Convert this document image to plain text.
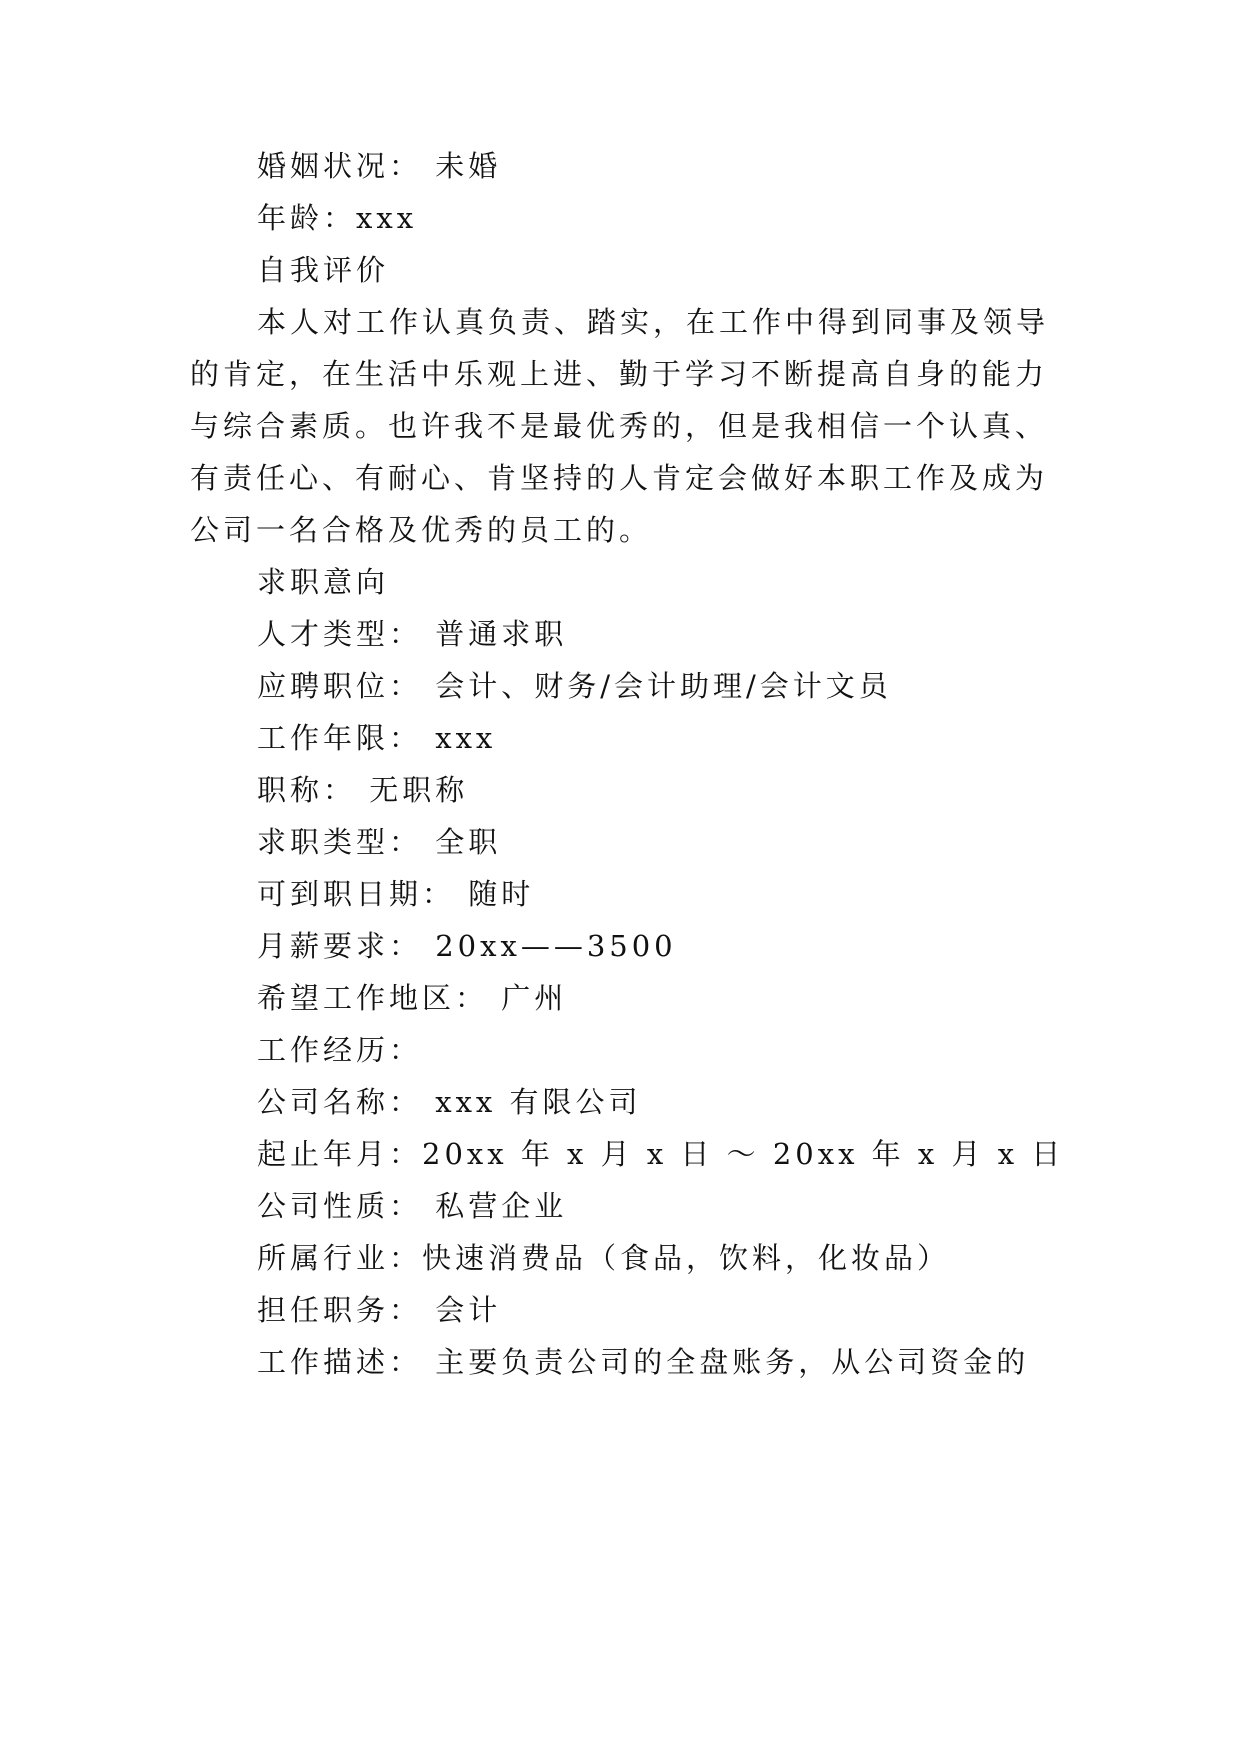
婚姻状况： 未婚
年龄：xxx
自我评价
本人对工作认真负责、踏实，在工作中得到同事及领导
的肯定，在生活中乐观上进、勤于学习不断提高自身的能力
与综合素质。也许我不是最优秀的，但是我相信一个认真、
有责任心、有耐心、肯坚持的人肯定会做好本职工作及成为
公司一名合格及优秀的员工的。
求职意向
人才类型： 普通求职
应聘职位： 会计、财务/会计助理/会计文员
工作年限： xxx
职称： 无职称
求职类型： 全职
可到职日期： 随时
月薪要求： 20xx——3500
希望工作地区： 广州
工作经历：
公司名称： xxx 有限公司
起止年月：20xx 年 x 月 x 日 ～ 20xx 年 x 月 x 日
公司性质： 私营企业
所属行业：快速消费品（食品，饮料，化妆品）
担任职务： 会计
工作描述： 主要负责公司的全盘账务，从公司资金的
